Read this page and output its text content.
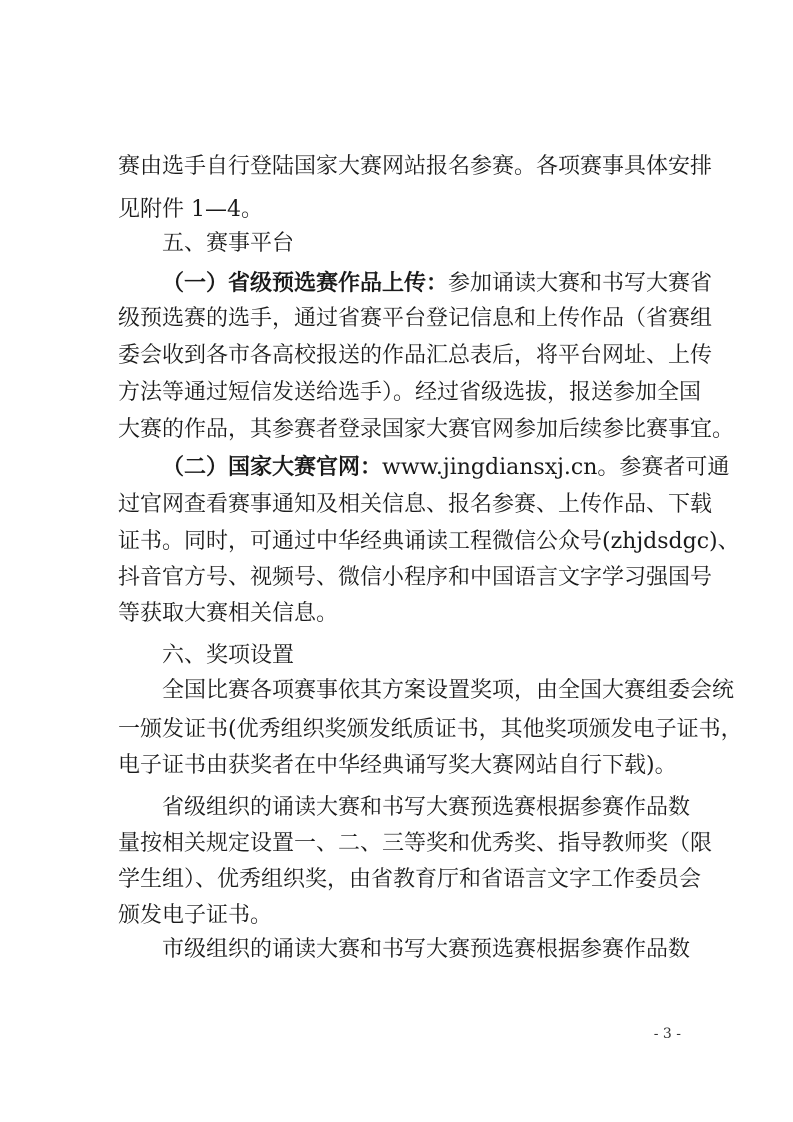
赛由选手自行登陆国家大赛网站报名参赛。各项赛事具体安排
见附件 1—4。
五、赛事平台
（一）省级预选赛作品上传：参加诵读大赛和书写大赛省
级预选赛的选手，通过省赛平台登记信息和上传作品（省赛组
委会收到各市各高校报送的作品汇总表后，将平台网址、上传
方法等通过短信发送给选手）。经过省级选拔，报送参加全国
大赛的作品，其参赛者登录国家大赛官网参加后续参比赛事宜。
（二）国家大赛官网：www.jingdiansxj.cn。参赛者可通
过官网查看赛事通知及相关信息、报名参赛、上传作品、下载
证书。同时，可通过中华经典诵读工程微信公众号(zhjdsdgc)、
抖音官方号、视频号、微信小程序和中国语言文字学习强国号
等获取大赛相关信息。
六、奖项设置
全国比赛各项赛事依其方案设置奖项，由全国大赛组委会统
一颁发证书(优秀组织奖颁发纸质证书，其他奖项颁发电子证书，
电子证书由获奖者在中华经典诵写奖大赛网站自行下载)。
省级组织的诵读大赛和书写大赛预选赛根据参赛作品数
量按相关规定设置一、二、三等奖和优秀奖、指导教师奖（限
学生组）、优秀组织奖，由省教育厅和省语言文字工作委员会
颁发电子证书。
市级组织的诵读大赛和书写大赛预选赛根据参赛作品数
- 3 -
